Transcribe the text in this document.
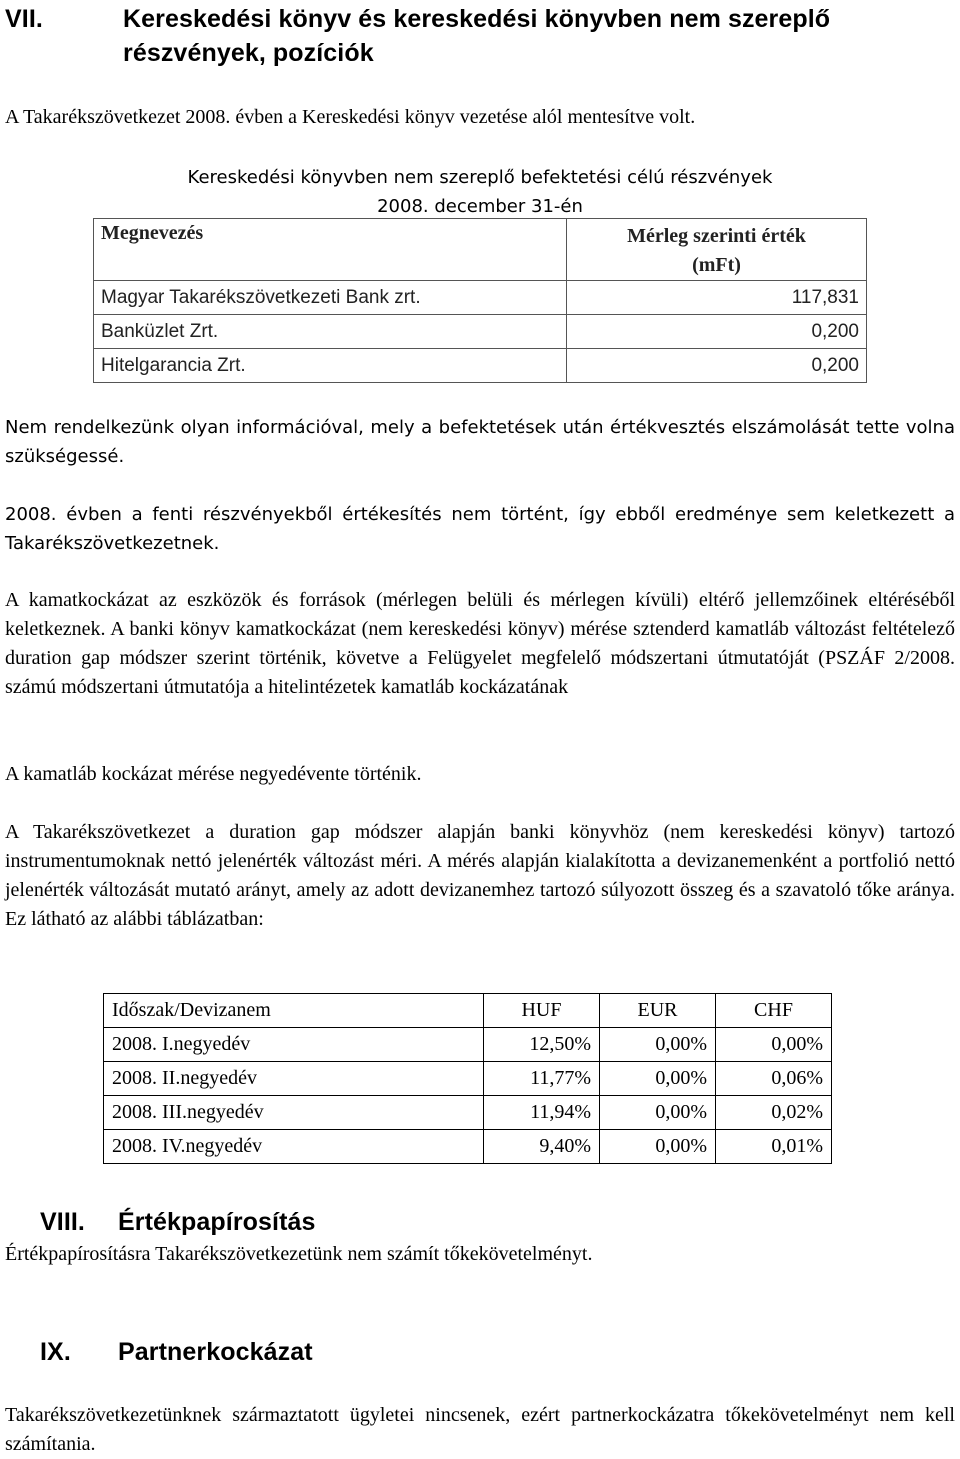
VII.	Kereskedési könyv és kereskedési könyvben nem szereplő részvények, pozíciók

A Takarékszövetkezet 2008. évben a Kereskedési könyv vezetése alól mentesítve volt.

Kereskedési könyvben nem szereplő befektetési célú részvények

2008. december 31-én

Megnevezés	Mérleg szerinti érték
(mFt)

Magyar Takarékszövetkezeti Bank zrt.	117,831
Banküzlet Zrt.	0,200
Hitelgarancia Zrt.	0,200

Nem rendelkezünk olyan információval, mely a befektetések után értékvesztés elszámolását tette volna szükségessé.

2008. évben a fenti részvényekből értékesítés nem történt, így ebből eredménye sem keletkezett a Takarékszövetkezetnek.

A kamatkockázat az eszközök és források (mérlegen belüli és mérlegen kívüli) eltérő jellemzőinek eltéréséből keletkeznek. A banki könyv kamatkockázat (nem kereskedési könyv) mérése sztenderd kamatláb változást feltételező duration gap módszer szerint történik, követve a Felügyelet megfelelő módszertani útmutatóját (PSZÁF 2/2008. számú módszertani útmutatója a hitelintézetek kamatláb kockázatának

A kamatláb kockázat mérése negyedévente történik.

A Takarékszövetkezet a duration gap módszer alapján banki könyvhöz (nem kereskedési könyv) tartozó instrumentumoknak nettó jelenérték változást méri. A mérés alapján kialakította a devizanemenként a portfolió nettó jelenérték változását mutató arányt, amely az adott devizanemhez tartozó súlyozott összeg és a szavatoló tőke aránya. Ez látható az alábbi táblázatban:

Időszak/Devizanem	HUF	EUR	CHF
2008. I.negyedév	12,50%	0,00%	0,00%
2008. II.negyedév	11,77%	0,00%	0,06%
2008. III.negyedév	11,94%	0,00%	0,02%
2008. IV.negyedév	9,40%	0,00%	0,01%
VIII. Értékpapírosítás

Értékpapírosításra Takarékszövetkezetünk nem számít tőkekövetelményt.

IX. Partnerkockázat

Takarékszövetkezetünknek származtatott ügyletei nincsenek, ezért partnerkockázatra tőkekövetelményt nem kell számítania.
